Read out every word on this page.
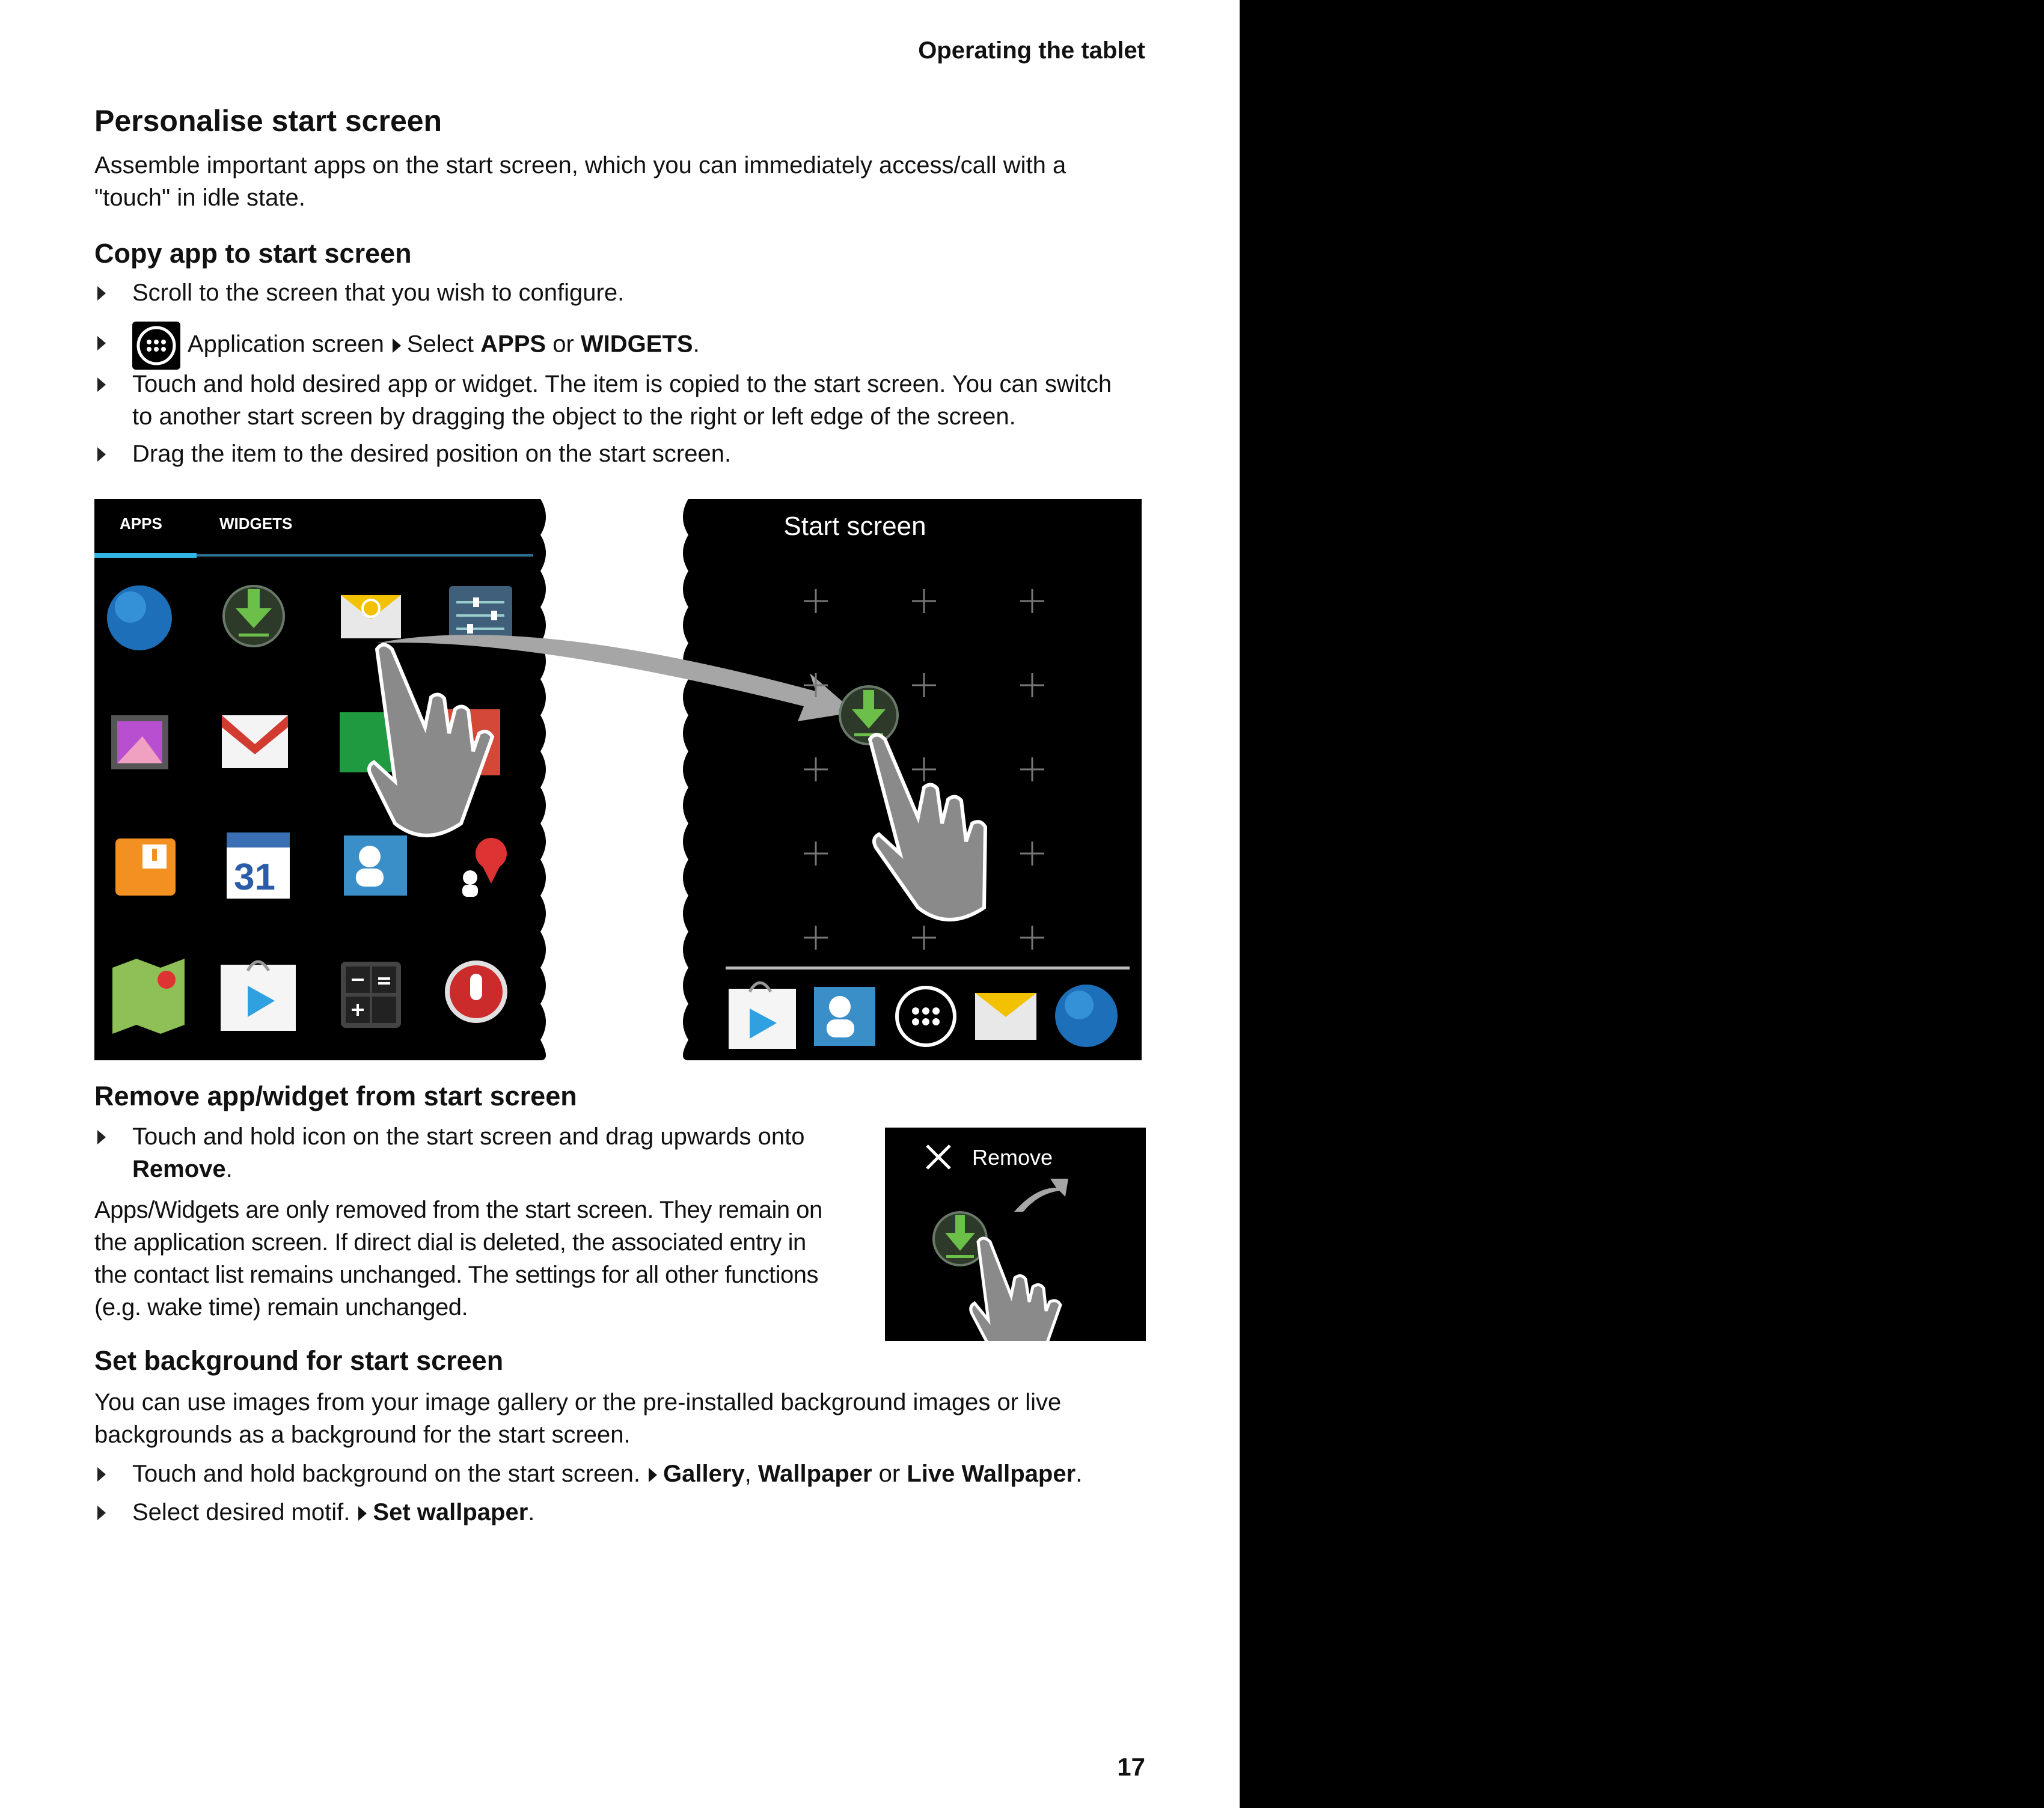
Operating the tablet
Personalise start screen
Assemble important apps on the start screen, which you can immediately access/call with a
"touch" in idle state.
Copy app to start screen
Scroll to the screen that you wish to configure.
Application screen Select APPS or WIDGETS.
Touch and hold desired app or widget. The item is copied to the start screen. You can switch
to another start screen by dragging the object to the right or left edge of the screen.
Drag the item to the desired position on the start screen.
APPS	WIDGETS
31
Start screen
Remove app/widget from start screen
Touch and hold icon on the start screen and drag upwards onto
Remove.
Apps/Widgets are only removed from the start screen. They remain on
the application screen. If direct dial is deleted, the associated entry in
the contact list remains unchanged. The settings for all other functions
(e.g. wake time) remain unchanged.
Remove
Set background for start screen
You can use images from your image gallery or the pre-installed background images or live
backgrounds as a background for the start screen.
Touch and hold background on the start screen. Gallery, Wallpaper or Live Wallpaper.
Select desired motif. Set wallpaper.
17
